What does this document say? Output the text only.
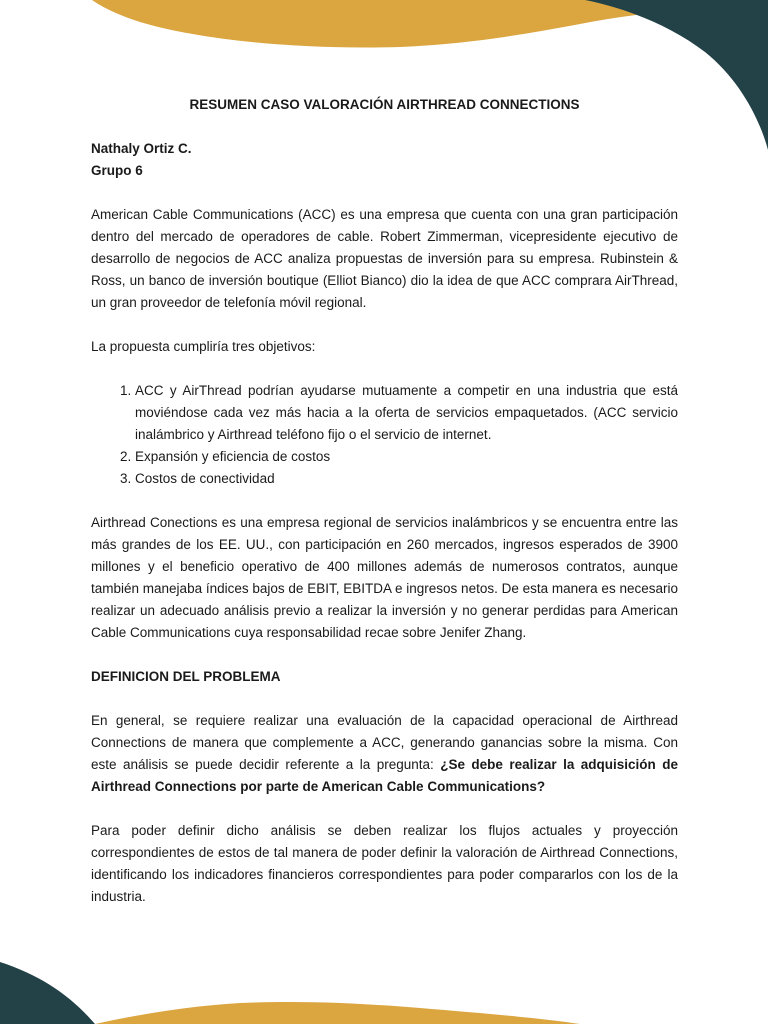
RESUMEN CASO VALORACIÓN AIRTHREAD CONNECTIONS

Nathaly Ortiz C.

Grupo 6

American Cable Communications (ACC) es una empresa que cuenta con una gran participación dentro del mercado de operadores de cable. Robert Zimmerman, vicepresidente ejecutivo de desarrollo de negocios de ACC analiza propuestas de inversión para su empresa. Rubinstein & Ross, un banco de inversión boutique (Elliot Bianco) dio la idea de que ACC comprara AirThread, un gran proveedor de telefonía móvil regional.

La propuesta cumpliría tres objetivos:

1. ACC y AirThread podrían ayudarse mutuamente a competir en una industria que está moviéndose cada vez más hacia a la oferta de servicios empaquetados. (ACC servicio inalámbrico y Airthread teléfono fijo o el servicio de internet.
2. Expansión y eficiencia de costos
3. Costos de conectividad

Airthread Conections es una empresa regional de servicios inalámbricos y se encuentra entre las más grandes de los EE. UU., con participación en 260 mercados, ingresos esperados de 3900 millones y el beneficio operativo de 400 millones además de numerosos contratos, aunque también manejaba índices bajos de EBIT, EBITDA e ingresos netos. De esta manera es necesario realizar un adecuado análisis previo a realizar la inversión y no generar perdidas para American Cable Communications cuya responsabilidad recae sobre Jenifer Zhang.

DEFINICION DEL PROBLEMA

En general, se requiere realizar una evaluación de la capacidad operacional de Airthread Connections de manera que complemente a ACC, generando ganancias sobre la misma. Con este análisis se puede decidir referente a la pregunta: ¿Se debe realizar la adquisición de Airthread Connections por parte de American Cable Communications?

Para poder definir dicho análisis se deben realizar los flujos actuales y proyección correspondientes de estos de tal manera de poder definir la valoración de Airthread Connections, identificando los indicadores financieros correspondientes para poder compararlos con los de la industria.
